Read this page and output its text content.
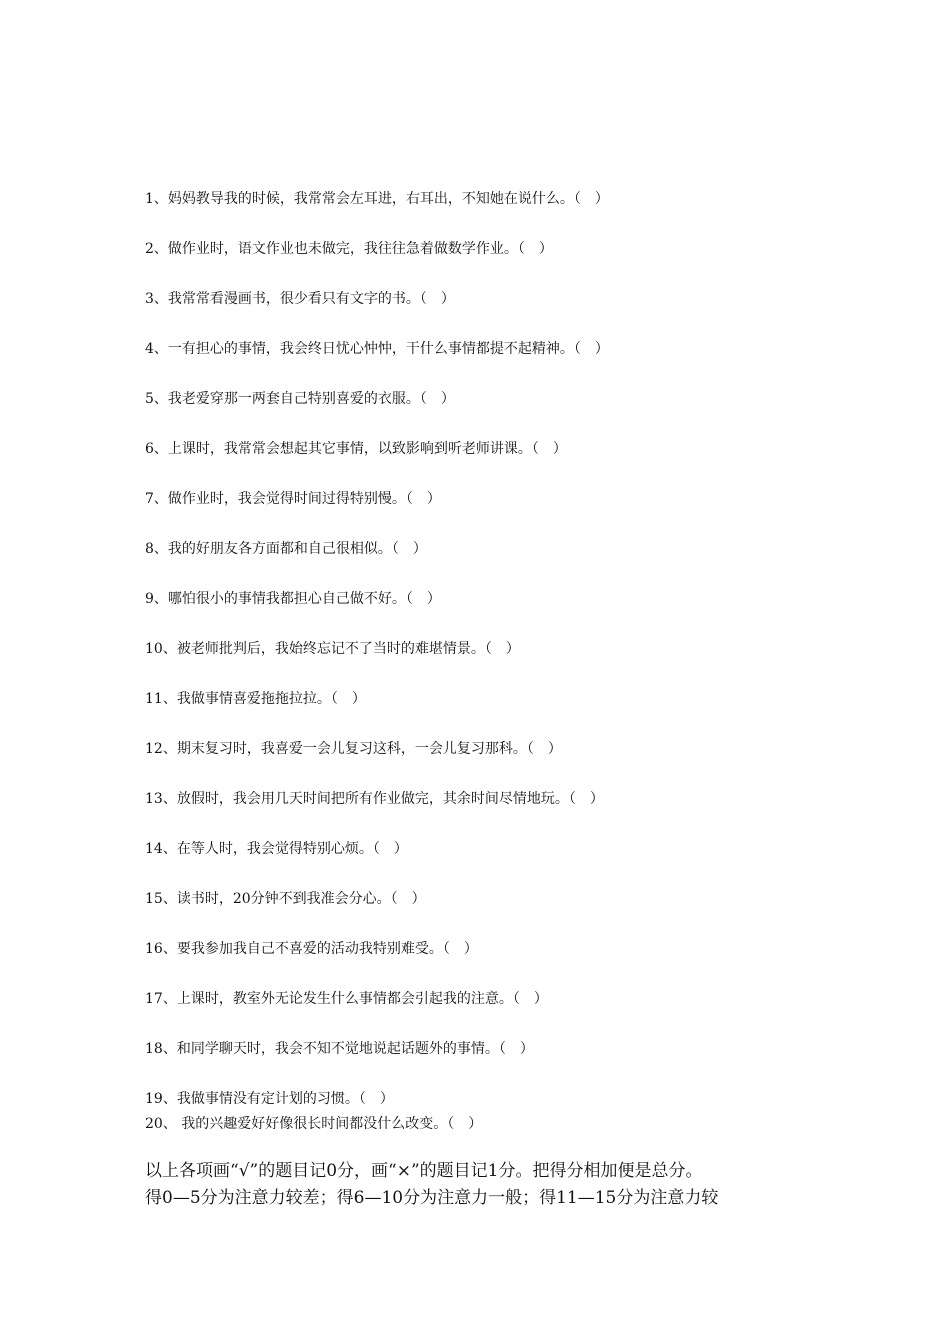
1、妈妈教导我的时候，我常常会左耳进，右耳出，不知她在说什么。（　）
2、做作业时，语文作业也未做完，我往往急着做数学作业。（　）
3、我常常看漫画书，很少看只有文字的书。（　）
4、一有担心的事情，我会终日忧心忡忡，干什么事情都提不起精神。（　）
5、我老爱穿那一两套自己特别喜爱的衣服。（　）
6、上课时，我常常会想起其它事情，以致影响到听老师讲课。（　）
7、做作业时，我会觉得时间过得特别慢。（　）
8、我的好朋友各方面都和自己很相似。（　）
9、哪怕很小的事情我都担心自己做不好。（　）
10、被老师批判后，我始终忘记不了当时的难堪情景。（　）
11、我做事情喜爱拖拖拉拉。（　）
12、期末复习时，我喜爱一会儿复习这科，一会儿复习那科。（　）
13、放假时，我会用几天时间把所有作业做完，其余时间尽情地玩。（　）
14、在等人时，我会觉得特别心烦。（　）
15、读书时，20分钟不到我准会分心。（　）
16、要我参加我自己不喜爱的活动我特别难受。（　）
17、上课时，教室外无论发生什么事情都会引起我的注意。（　）
18、和同学聊天时，我会不知不觉地说起话题外的事情。（　）
19、我做事情没有定计划的习惯。（　）
20、 我的兴趣爱好好像很长时间都没什么改变。（　）

以上各项画“√”的题目记0分，画“×”的题目记1分。把得分相加便是总分。

得0—5分为注意力较差；得6—10分为注意力一般；得11—15分为注意力较
